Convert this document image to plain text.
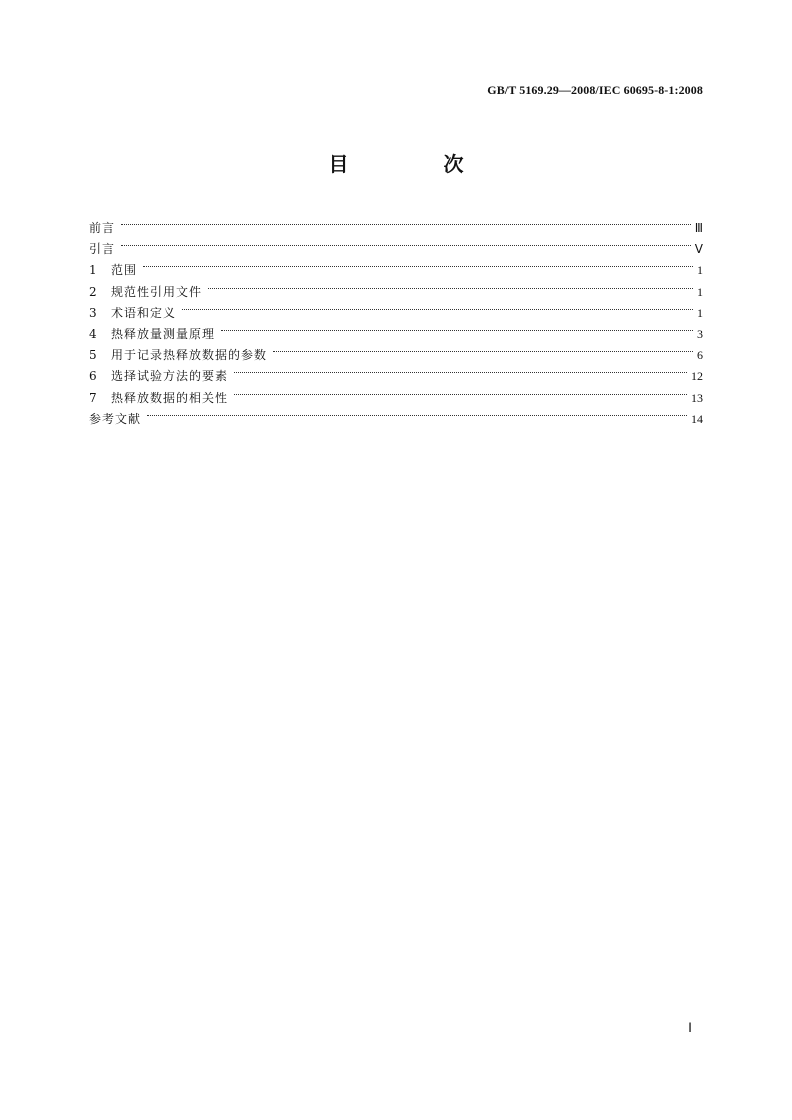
GB/T 5169.29—2008/IEC 60695-8-1:2008
目 次
前言	Ⅲ
引言	Ⅴ
1	范围	1
2	规范性引用文件	1
3	术语和定义	1
4	热释放量测量原理	3
5	用于记录热释放数据的参数	6
6	选择试验方法的要素	12
7	热释放数据的相关性	13
参考文献	14
Ⅰ
